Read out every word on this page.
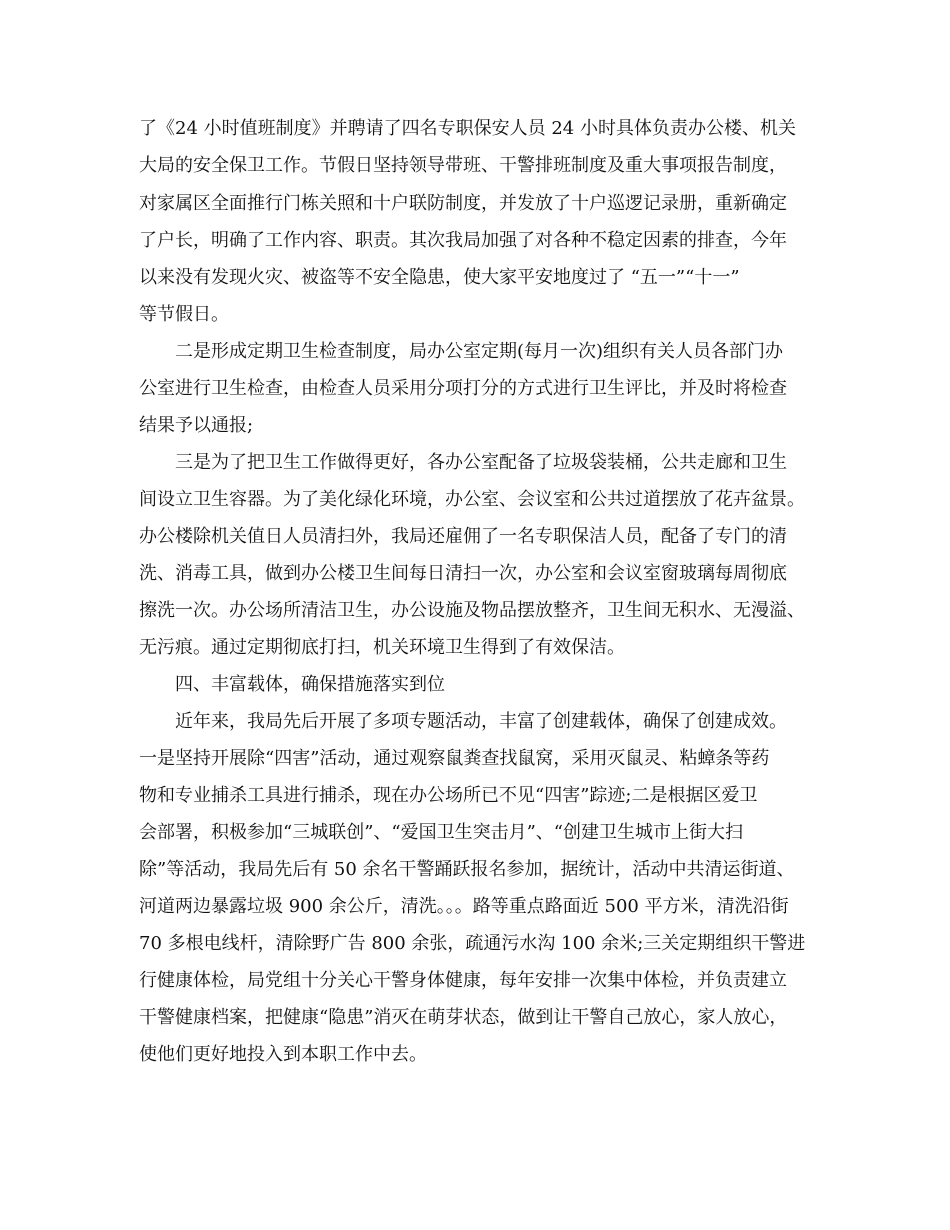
了《24 小时值班制度》并聘请了四名专职保安人员 24 小时具体负责办公楼、机关
大局的安全保卫工作。节假日坚持领导带班、干警排班制度及重大事项报告制度，
对家属区全面推行门栋关照和十户联防制度，并发放了十户巡逻记录册，重新确定
了户长，明确了工作内容、职责。其次我局加强了对各种不稳定因素的排查，今年
以来没有发现火灾、被盗等不安全隐患，使大家平安地度过了 “五一”“十一”
等节假日。
二是形成定期卫生检查制度，局办公室定期(每月一次)组织有关人员各部门办
公室进行卫生检查，由检查人员采用分项打分的方式进行卫生评比，并及时将检查
结果予以通报;
三是为了把卫生工作做得更好，各办公室配备了垃圾袋装桶，公共走廊和卫生
间设立卫生容器。为了美化绿化环境，办公室、会议室和公共过道摆放了花卉盆景。
办公楼除机关值日人员清扫外，我局还雇佣了一名专职保洁人员，配备了专门的清
洗、消毒工具，做到办公楼卫生间每日清扫一次，办公室和会议室窗玻璃每周彻底
擦洗一次。办公场所清洁卫生，办公设施及物品摆放整齐，卫生间无积水、无漫溢、
无污痕。通过定期彻底打扫，机关环境卫生得到了有效保洁。
四、丰富载体，确保措施落实到位
近年来，我局先后开展了多项专题活动，丰富了创建载体，确保了创建成效。
一是坚持开展除“四害”活动，通过观察鼠粪查找鼠窝，采用灭鼠灵、粘蟑条等药
物和专业捕杀工具进行捕杀，现在办公场所已不见“四害”踪迹;二是根据区爱卫
会部署，积极参加“三城联创”、“爱国卫生突击月”、“创建卫生城市上街大扫
除”等活动，我局先后有 50 余名干警踊跃报名参加，据统计，活动中共清运街道、
河道两边暴露垃圾 900 余公斤，清洗。。。路等重点路面近 500 平方米，清洗沿街
70 多根电线杆，清除野广告 800 余张，疏通污水沟 100 余米;三关定期组织干警进
行健康体检，局党组十分关心干警身体健康，每年安排一次集中体检，并负责建立
干警健康档案，把健康“隐患”消灭在萌芽状态，做到让干警自己放心，家人放心，
使他们更好地投入到本职工作中去。
